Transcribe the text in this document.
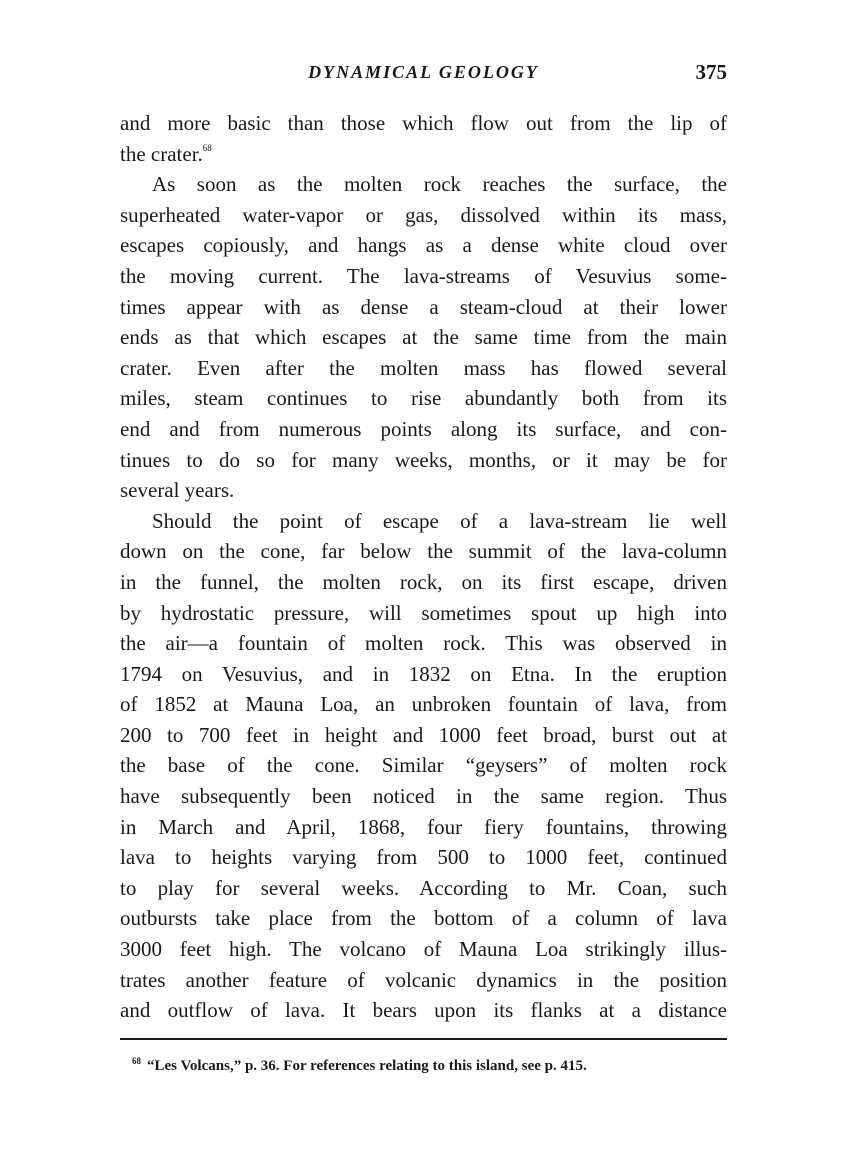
DYNAMICAL GEOLOGY	375
and more basic than those which flow out from the lip of
the crater.$^{68}$
As soon as the molten rock reaches the surface, the
superheated water-vapor or gas, dissolved within its mass,
escapes copiously, and hangs as a dense white cloud over
the moving current. The lava-streams of Vesuvius some-
times appear with as dense a steam-cloud at their lower
ends as that which escapes at the same time from the main
crater. Even after the molten mass has flowed several
miles, steam continues to rise abundantly both from its
end and from numerous points along its surface, and con-
tinues to do so for many weeks, months, or it may be for
several years.
Should the point of escape of a lava-stream lie well
down on the cone, far below the summit of the lava-column
in the funnel, the molten rock, on its first escape, driven
by hydrostatic pressure, will sometimes spout up high into
the air—a fountain of molten rock. This was observed in
1794 on Vesuvius, and in 1832 on Etna. In the eruption
of 1852 at Mauna Loa, an unbroken fountain of lava, from
200 to 700 feet in height and 1000 feet broad, burst out at
the base of the cone. Similar “geysers” of molten rock
have subsequently been noticed in the same region. Thus
in March and April, 1868, four fiery fountains, throwing
lava to heights varying from 500 to 1000 feet, continued
to play for several weeks. According to Mr. Coan, such
outbursts take place from the bottom of a column of lava
3000 feet high. The volcano of Mauna Loa strikingly illus-
trates another feature of volcanic dynamics in the position
and outflow of lava. It bears upon its flanks at a distance
$^{68}$ “Les Volcans,” p. 36. For references relating to this island, see p. 415.
